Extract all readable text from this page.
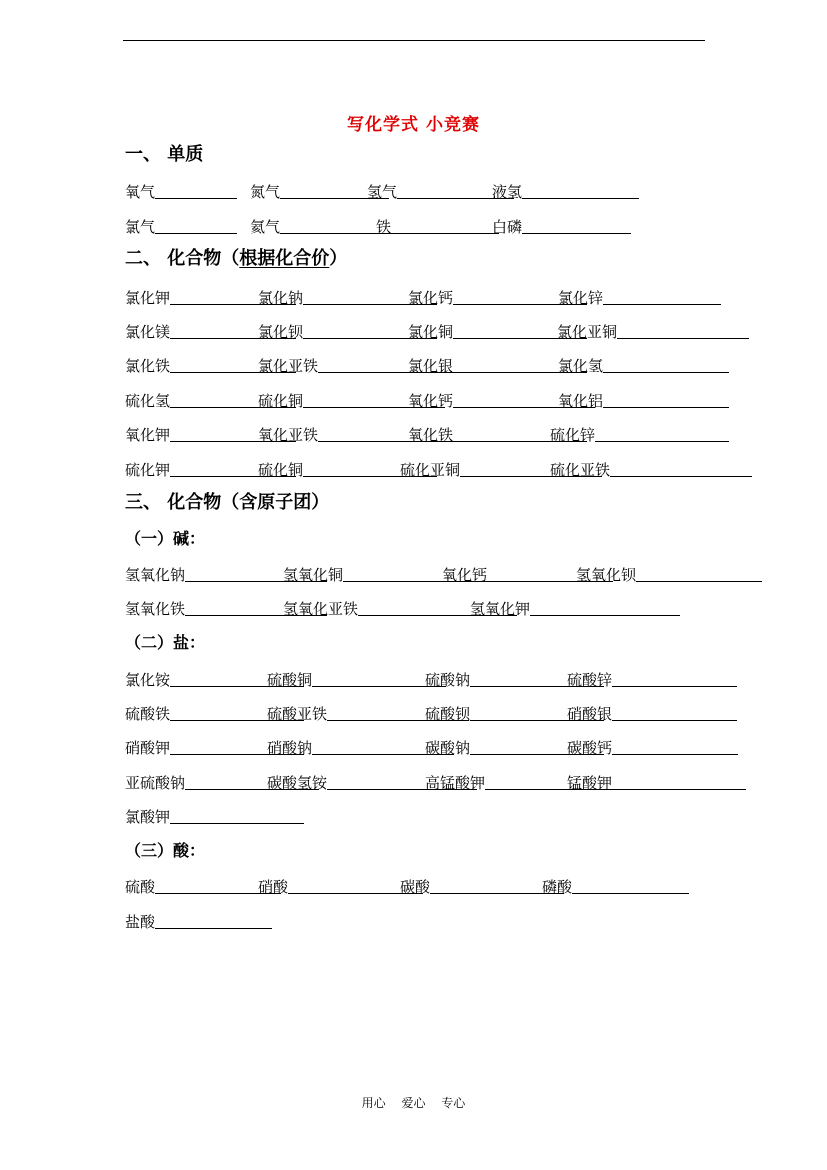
写化学式 小竞赛
一、 单质
二、 化合物（根据化合价）
三、 化合物（含原子团）
（一）碱：
（二）盐：
（三）酸：
氧气	氮气	氢气	液氢
氯气	氦气	铁	白磷
氯化钾	氯化钠	氯化钙	氯化锌
氯化镁	氯化钡	氯化铜	氯化亚铜
氯化铁	氯化亚铁	氯化银	氯化氢
硫化氢	硫化铜	氧化钙	氧化铝
氧化钾	氧化亚铁	氧化铁	硫化锌
硫化钾	硫化铜	硫化亚铜	硫化亚铁
氢氧化钠	氢氧化铜	氧化钙	氢氧化钡
氢氧化铁	氢氧化亚铁	氢氧化钾
氯化铵	硫酸铜	硫酸钠	硫酸锌
硫酸铁	硫酸亚铁	硫酸钡	硝酸银
硝酸钾	硝酸钠	碳酸钠	碳酸钙
亚硫酸钠	碳酸氢铵	高锰酸钾	锰酸钾
氯酸钾
硫酸	硝酸	碳酸	磷酸
盐酸
用心 爱心 专心
